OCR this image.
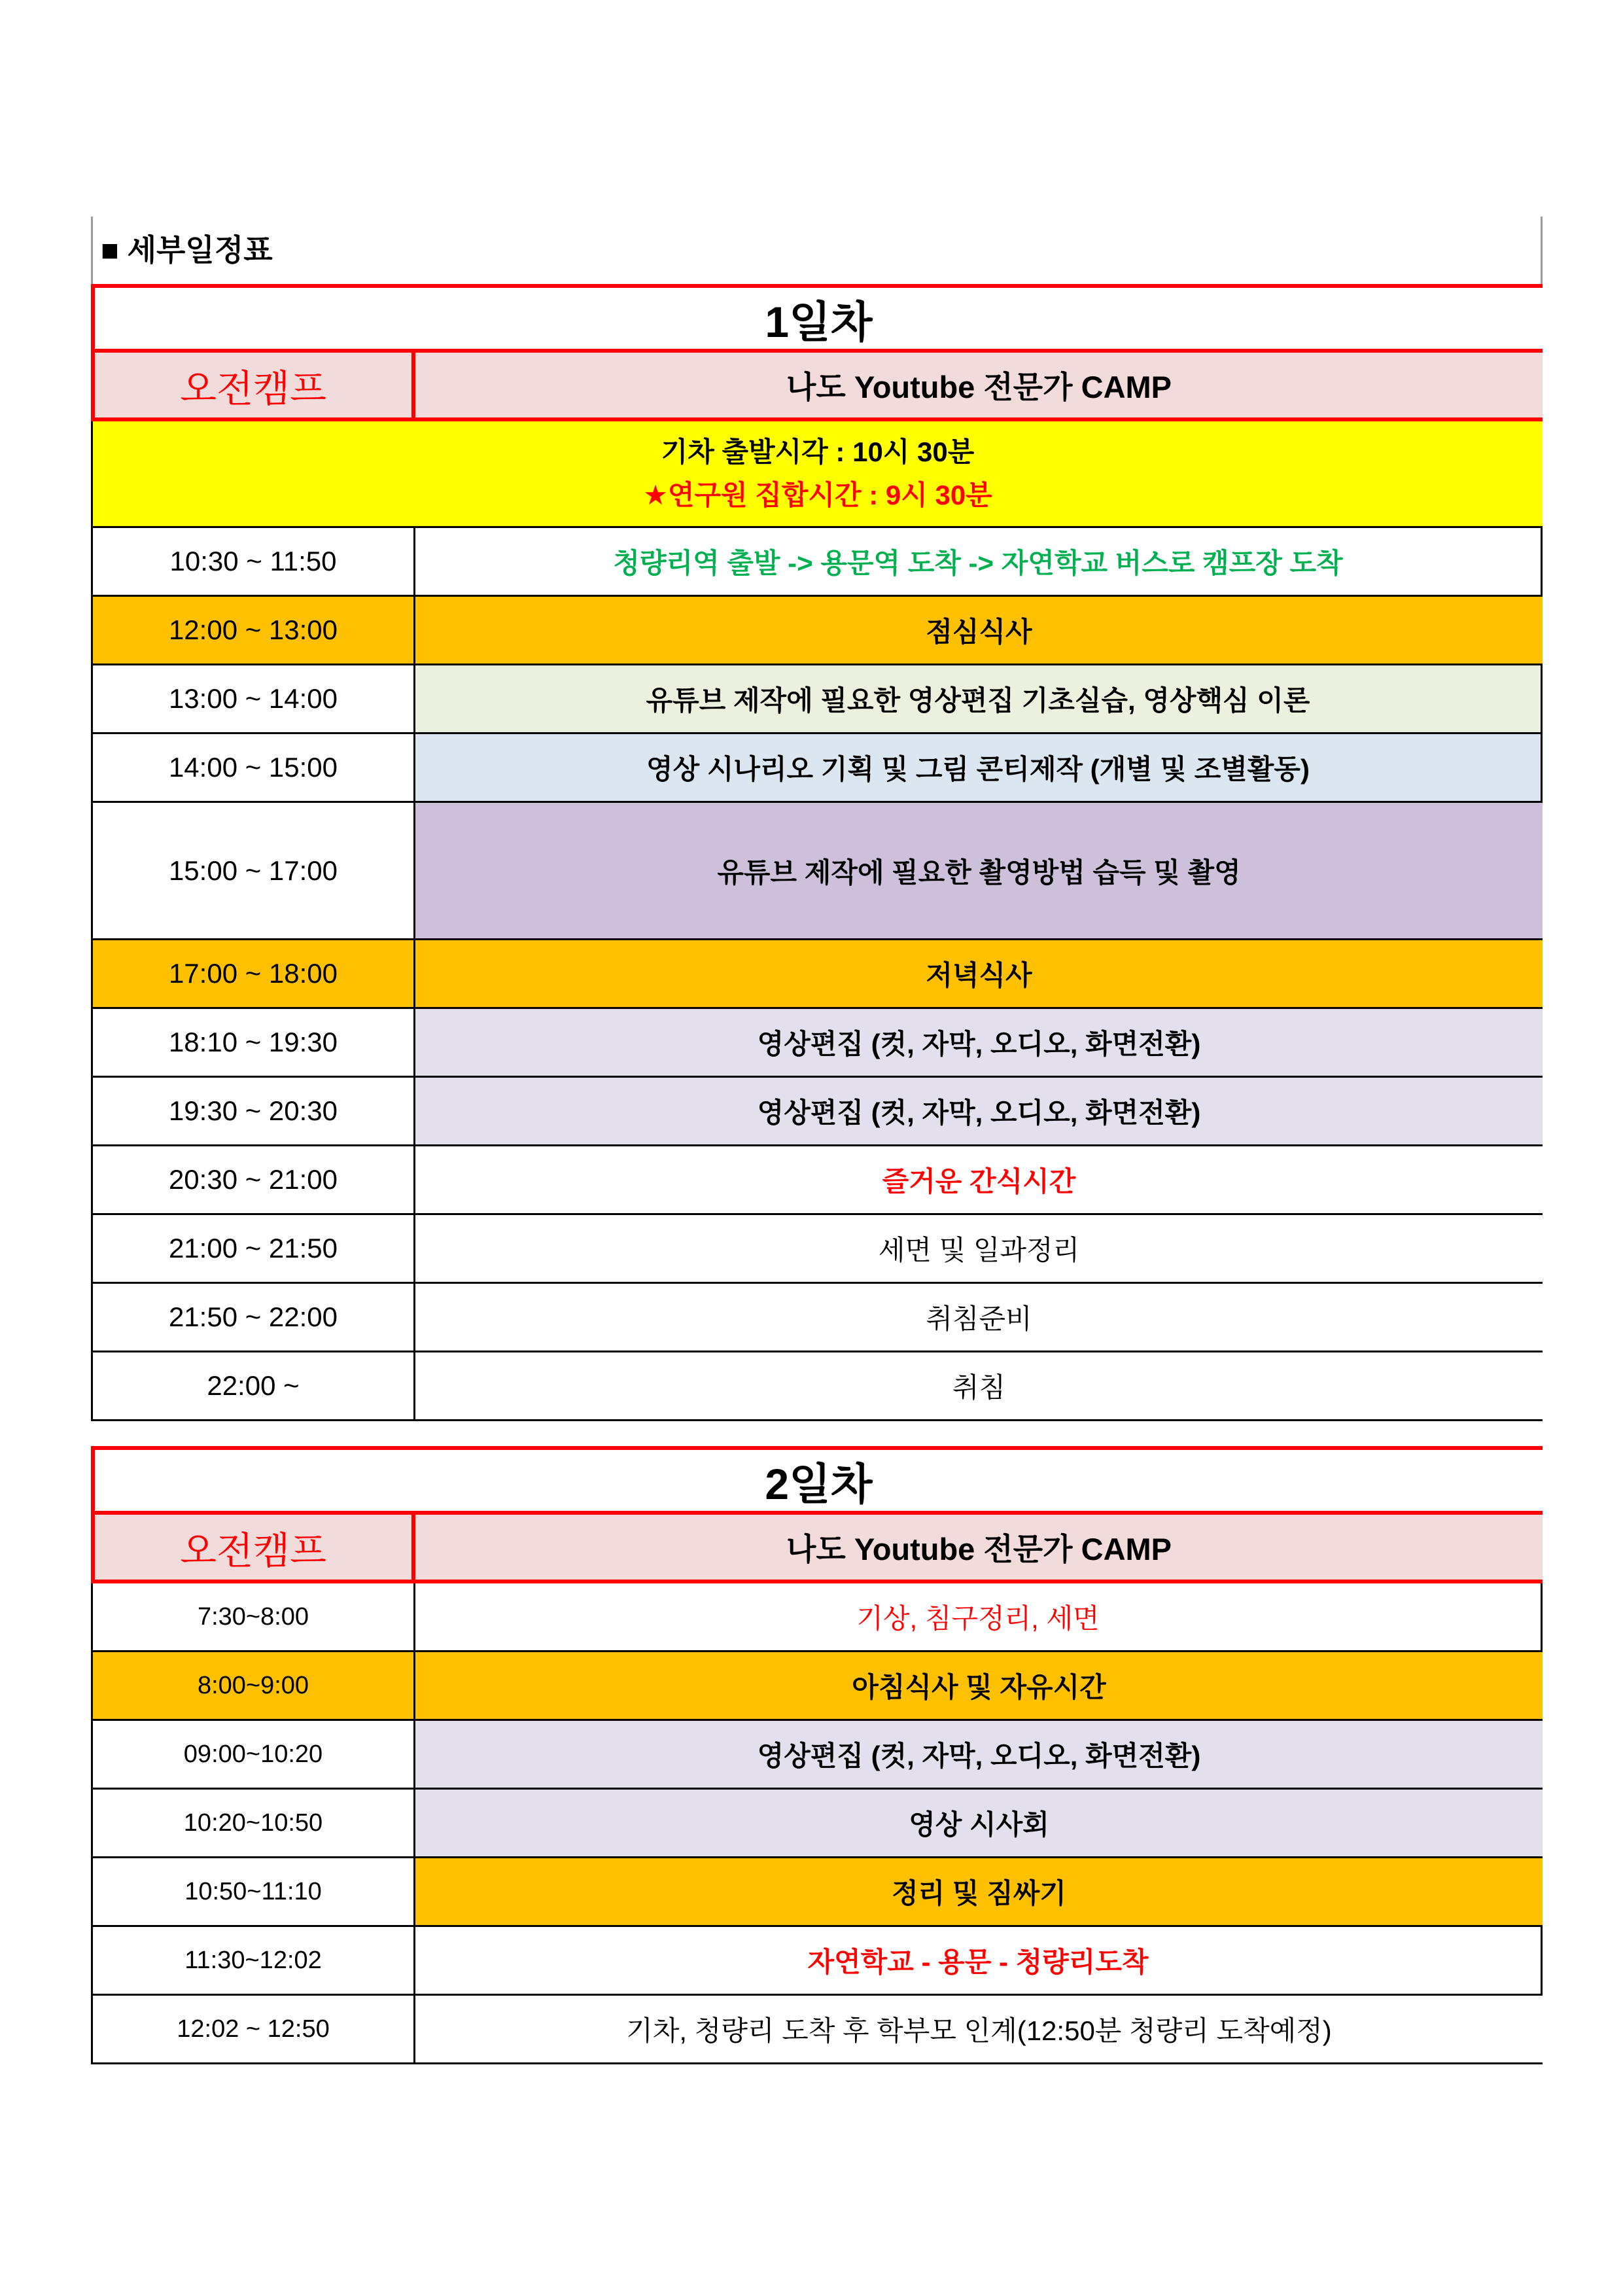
■ 세부일정표
1일차
오전캠프	나도 Youtube 전문가 CAMP
기차 출발시각 : 10시 30분
★연구원 집합시간 : 9시 30분
10:30 ~ 11:50	청량리역 출발 -> 용문역 도착 -> 자연학교 버스로 캠프장 도착
12:00 ~ 13:00	점심식사
13:00 ~ 14:00	유튜브 제작에 필요한 영상편집 기초실습, 영상핵심 이론
14:00 ~ 15:00	영상 시나리오 기획 및 그림 콘티제작 (개별 및 조별활동)
15:00 ~ 17:00	유튜브 제작에 필요한 촬영방법 습득 및 촬영
17:00 ~ 18:00	저녁식사
18:10 ~ 19:30	영상편집 (컷, 자막, 오디오, 화면전환)
19:30 ~ 20:30	영상편집 (컷, 자막, 오디오, 화면전환)
20:30 ~ 21:00	즐거운 간식시간
21:00 ~ 21:50	세면 및 일과정리
21:50 ~ 22:00	취침준비
22:00 ~	취침
2일차
오전캠프	나도 Youtube 전문가 CAMP
7:30~8:00	기상, 침구정리, 세면
8:00~9:00	아침식사 및 자유시간
09:00~10:20	영상편집 (컷, 자막, 오디오, 화면전환)
10:20~10:50	영상 시사회
10:50~11:10	정리 및 짐싸기
11:30~12:02	자연학교 - 용문 - 청량리도착
12:02 ~ 12:50	기차, 청량리 도착 후 학부모 인계(12:50분 청량리 도착예정)
